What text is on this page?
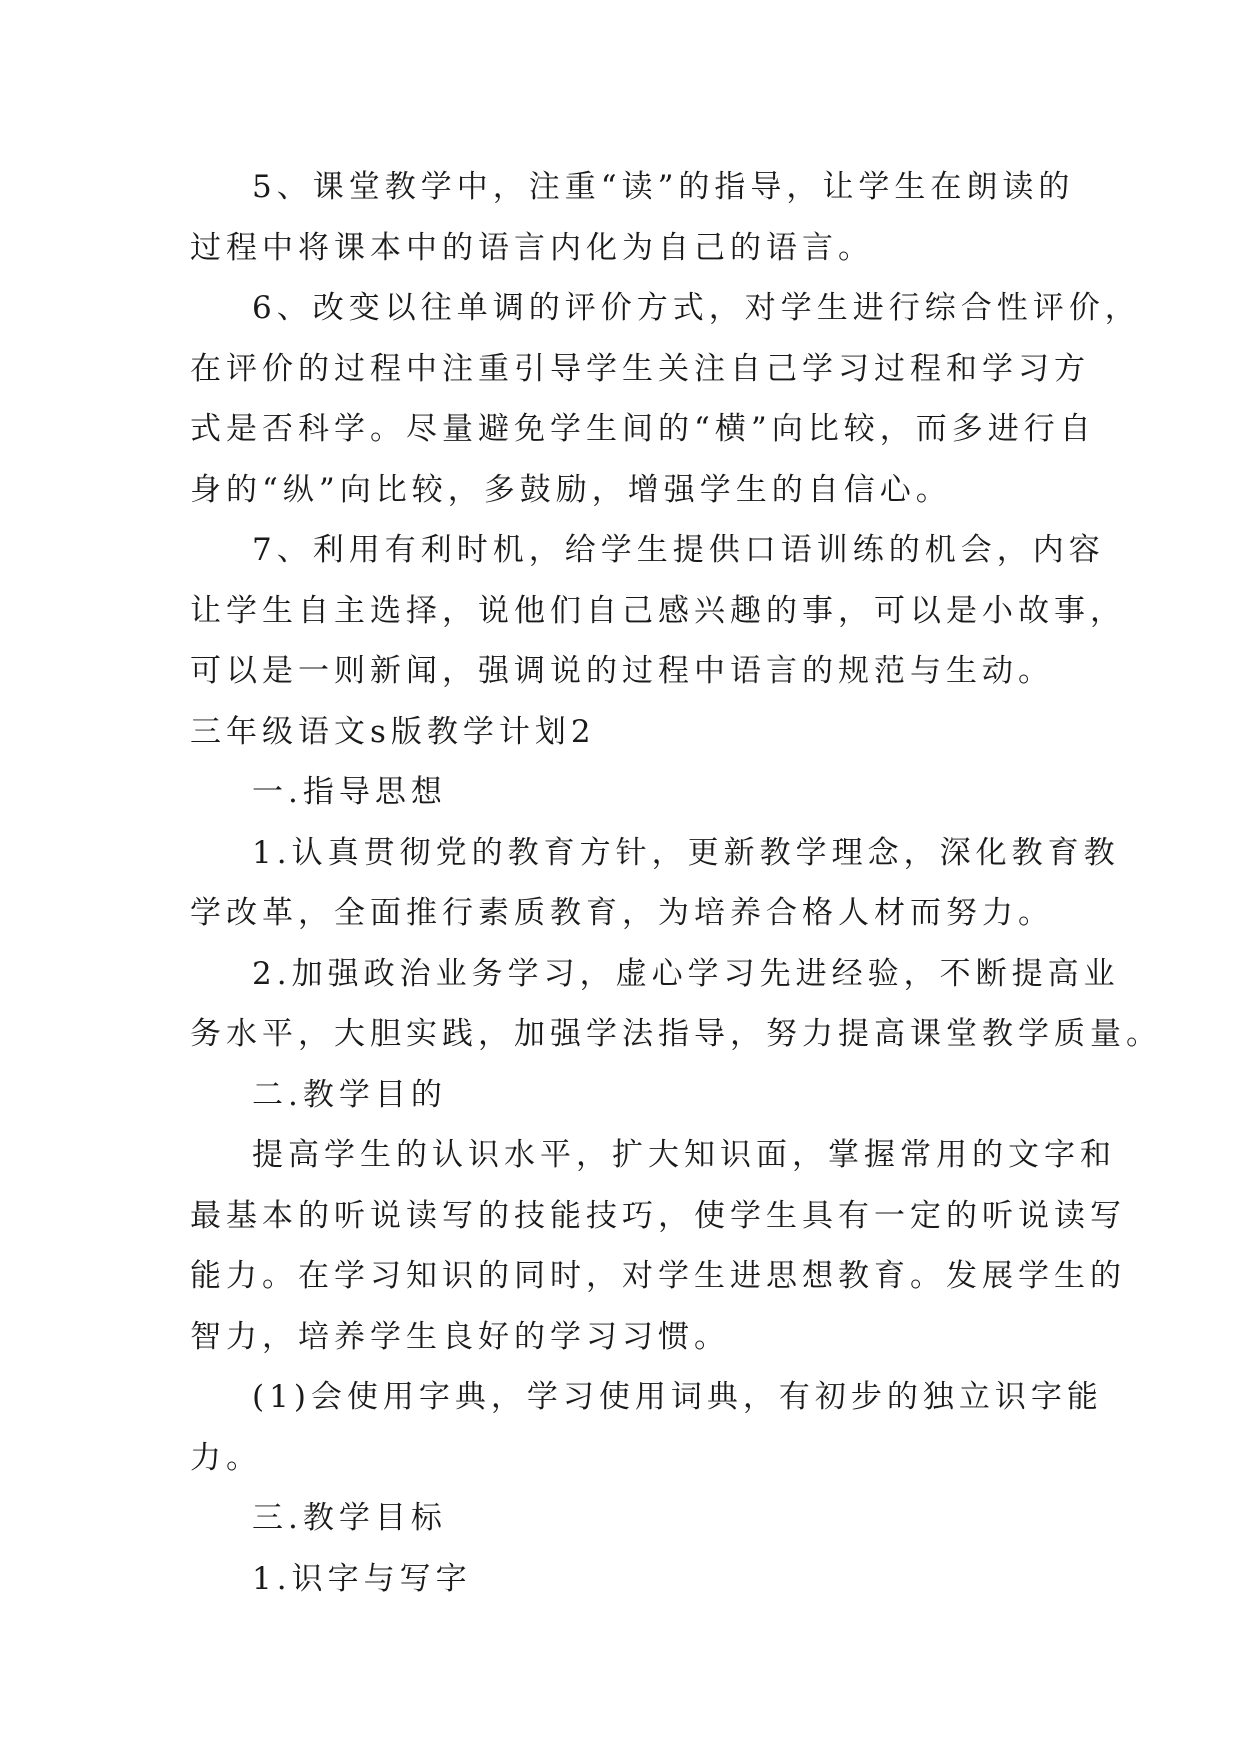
5、课堂教学中，注重“读”的指导，让学生在朗读的
过程中将课本中的语言内化为自己的语言。
6、改变以往单调的评价方式，对学生进行综合性评价，
在评价的过程中注重引导学生关注自己学习过程和学习方
式是否科学。尽量避免学生间的“横”向比较，而多进行自
身的“纵”向比较，多鼓励，增强学生的自信心。
7、利用有利时机，给学生提供口语训练的机会，内容
让学生自主选择，说他们自己感兴趣的事，可以是小故事，
可以是一则新闻，强调说的过程中语言的规范与生动。
三年级语文s版教学计划2
一.指导思想
1.认真贯彻党的教育方针，更新教学理念，深化教育教
学改革，全面推行素质教育，为培养合格人材而努力。
2.加强政治业务学习，虚心学习先进经验，不断提高业
务水平，大胆实践，加强学法指导，努力提高课堂教学质量。
二.教学目的
提高学生的认识水平，扩大知识面，掌握常用的文字和
最基本的听说读写的技能技巧，使学生具有一定的听说读写
能力。在学习知识的同时，对学生进思想教育。发展学生的
智力，培养学生良好的学习习惯。
(1)会使用字典，学习使用词典，有初步的独立识字能
力。
三.教学目标
1.识字与写字
